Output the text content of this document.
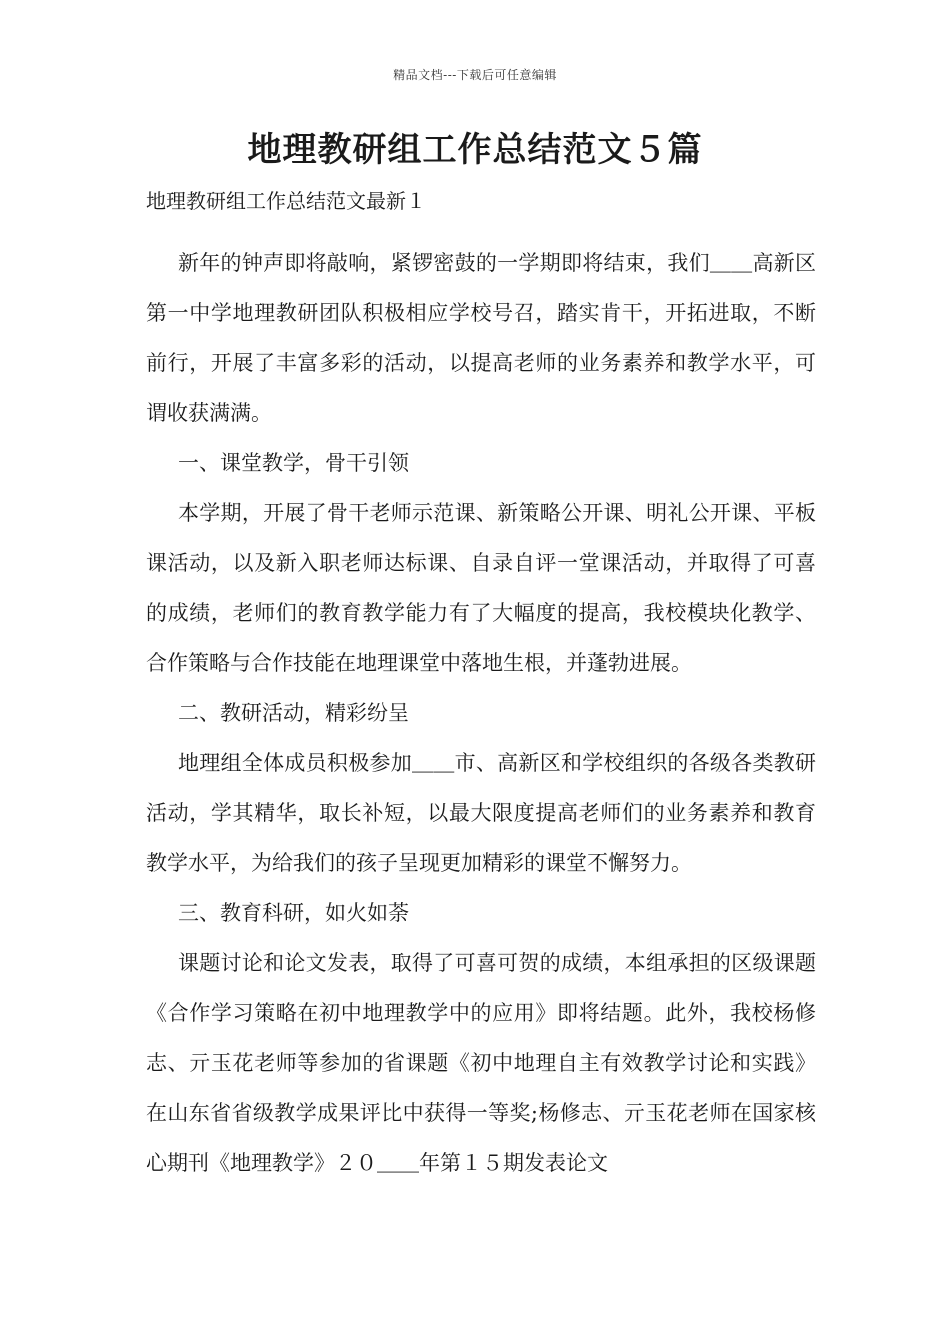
精品文档---下载后可任意编辑
地理教研组工作总结范文５篇

地理教研组工作总结范文最新１

新年的钟声即将敲响，紧锣密鼓的一学期即将结束，我们＿＿高新区第一中学地理教研团队积极相应学校号召，踏实肯干，开拓进取，不断前行，开展了丰富多彩的活动，以提高老师的业务素养和教学水平，可谓收获满满。

一、课堂教学，骨干引领

本学期，开展了骨干老师示范课、新策略公开课、明礼公开课、平板课活动，以及新入职老师达标课、自录自评一堂课活动，并取得了可喜的成绩，老师们的教育教学能力有了大幅度的提高，我校模块化教学、合作策略与合作技能在地理课堂中落地生根，并蓬勃进展。

二、教研活动，精彩纷呈

地理组全体成员积极参加＿＿市、高新区和学校组织的各级各类教研活动，学其精华，取长补短，以最大限度提高老师们的业务素养和教育教学水平，为给我们的孩子呈现更加精彩的课堂不懈努力。

三、教育科研，如火如荼

课题讨论和论文发表，取得了可喜可贺的成绩，本组承担的区级课题《合作学习策略在初中地理教学中的应用》即将结题。此外，我校杨修志、亓玉花老师等参加的省课题《初中地理自主有效教学讨论和实践》在山东省省级教学成果评比中获得一等奖;杨修志、亓玉花老师在国家核心期刊《地理教学》２０＿＿年第１５期发表论文
